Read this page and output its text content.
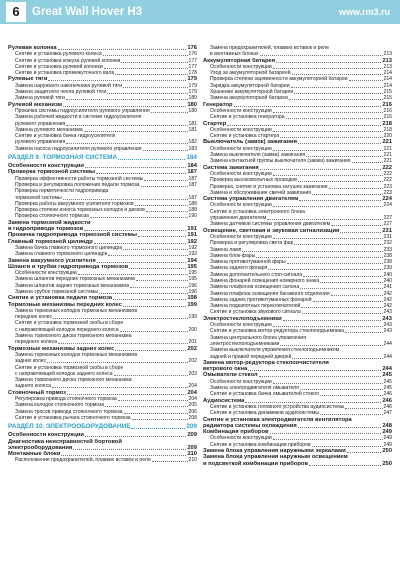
6	Great Wall Hover H3	www.rm3.ru
Рулевая колонка	176
Снятие и установка рулевого колеса	176
Снятие и установка кожуха рулевой колонки	177
Снятие и установка рулевой колонки	177
Снятие и установка промежуточного вала	178
Рулевые тяги	179
Замена наружного наконечника рулевой тяги	179
Замена защитного чехла рулевой тяги	179
Замена рулевой тяги	180
Рулевой механизм	180
Прокачка системы гидроусилителя рулевого управления	180
Замена рабочей жидкости в системе гидроусилителя
рулевого управления	181
Замена рулевого механизма	181
Снятие и установка бачка гидроусилителя
рулевого управления	182
Замена насоса гидроусилителя рулевого управления	183
РАЗДЕЛ 9. ТОРМОЗНАЯ СИСТЕМА	184
Особенности конструкции	184
Проверка тормозной системы	187
Проверка эффективности работы тормозной системы	187
Проверка и регулировка положения педали тормоза	187
Проверка герметичности гидропривода
тормозной системы	187
Проверка работы вакуумного усилителя тормозов	188
Проверка степени износа тормозных колодок и дисков	188
Проверка стояночного тормоза	190
Замена тормозной жидкости
в гидроприводе тормозов	191
Прокачка гидропривода тормозной системы	191
Главный тормозной цилиндр	192
Замена бачка главного тормозного цилиндра	192
Замена главного тормозного цилиндра	193
Замена вакуумного усилителя	194
Шланги и трубки гидропривода тормозов	195
Особенности конструкции	195
Замена шлангов передних тормозных механизмов	195
Замена шлангов задних тормозных механизмов	196
Замена трубок тормозной системы	196
Снятие и установка педали тормоза	198
Тормозные механизмы передних колес	199
Замена тормозных колодок тормозных механизмов
передних колес	199
Снятие и установка тормозной скобы в сборе
с направляющей колодок переднего колеса	200
Замена тормозного диска тормозного механизма
переднего колеса	201
Тормозные механизмы задних колес	202
Замена тормозных колодок тормозных механизмов
задних колес	202
Снятие и установка тормозной скобы в сборе
с направляющей колодок заднего колеса	203
Замена тормозного диска тормозного механизма
заднего колеса	204
Стояночный тормоз	204
Регулировка привода стояночного тормоза	204
Замена колодок стояночного тормоза	205
Замена тросов привода стояночного тормоза	206
Снятие и установка рычага стояночного тормоза	208
РАЗДЕЛ 10. ЭЛЕКТРООБОРУДОВАНИЕ	209
Особенности конструкции	209
Диагностика неисправностей бортовой
электрооборудования	209
Монтажные блоки	210
Расположение предохранителей, плавких вставок и реле	210
Замена предохранителей, плавких вставок и реле
в монтажных блоках	213
Аккумуляторная батарея	213
Особенности конструкции	213
Уход за аккумуляторной батареей	214
Проверка степени заряженности аккумуляторной батареи	214
Зарядка аккумуляторной батареи	214
Хранение аккумуляторной батареи	215
Замена аккумуляторной батареи	215
Генератор	216
Особенности конструкции	216
Снятие и установка генератора	216
Стартер	218
Особенности конструкции	218
Снятие и установка стартера	220
Выключатель (замок) зажигания	221
Особенности конструкции	221
Замена выключателя (замка) зажигания	221
Замена контактной группы выключателя (замка) зажигания	221
Система зажигания	222
Особенности конструкции	222
Проверка высоковольтных проводов	222
Проверка, снятие и установка катушек зажигания	223
Замена и обслуживание свечей зажигания	223
Система управления двигателем	224
Особенности конструкции	224
Снятие и установка электронного блока
управления двигателем	227
Замена датчиков системы управления двигателем	227
Освещение, световая и звуковая сигнализация	231
Особенности конструкции	231
Проверка и регулировка света фар	232
Замена ламп	233
Замена блок-фары	238
Замена противотуманной фары	238
Замена заднего фонаря	239
Замена дополнительного стоп-сигнала	240
Замена фонарей освещения номерного знака	240
Замена плафонов освещения салона	241
Замена плафона освещения багажного отделения	242
Замена задних противотуманных фонарей	242
Замена подкапотных переключателей	242
Снятие и установка звукового сигнала	243
Электростеклоподъемники	243
Особенности конструкции	243
Снятие и установка мотор-редуктора стеклоподъемника	243
Замена центрального блока управления
электростеклоподъемниками	244
Замена выключателя управления стеклоподъемником
задней и правой передней дверей	244
Замена мотор-редуктора стеклоочистителя
ветрового окна	244
Омыватели стекол	245
Особенности конструкции	245
Замена электродвигателя омывателя	245
Снятие и установка бачка омывателей стекол	246
Аудиосистема	246
Снятие и установка головного устройства аудиосистемы	246
Снятие и установка динамиков аудиосистемы	247
Снятие и установка электродвигателя вентилятора
радиатора системы охлаждения	248
Комбинация приборов	249
Особенности конструкции	249
Снятие и установка комбинации приборов	249
Замена блока управления наружными зеркалами	250
Замена блока управления наружным освещением
и подсветкой комбинации приборов	250
